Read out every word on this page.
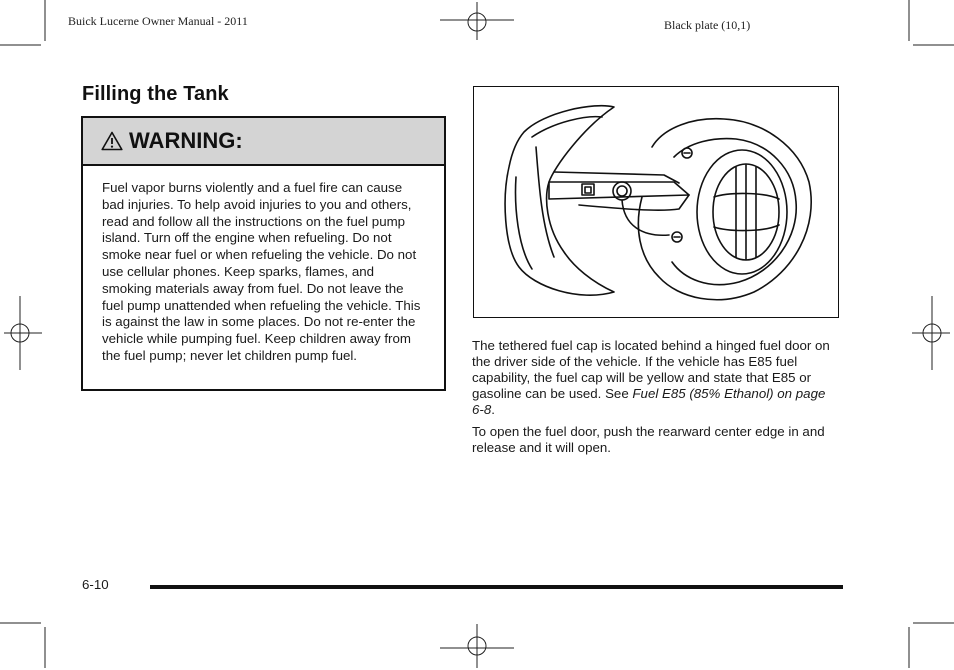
Buick Lucerne Owner Manual - 2011	Black plate (10,1)
Filling the Tank
WARNING:
Fuel vapor burns violently and a fuel fire can cause bad injuries. To help avoid injuries to you and others, read and follow all the instructions on the fuel pump island. Turn off the engine when refueling. Do not smoke near fuel or when refueling the vehicle. Do not use cellular phones. Keep sparks, flames, and smoking materials away from fuel. Do not leave the fuel pump unattended when refueling the vehicle. This is against the law in some places. Do not re-enter the vehicle while pumping fuel. Keep children away from the fuel pump; never let children pump fuel.
The tethered fuel cap is located behind a hinged fuel door on the driver side of the vehicle. If the vehicle has E85 fuel capability, the fuel cap will be yellow and state that E85 or gasoline can be used. See Fuel E85 (85% Ethanol) on page 6-8.
To open the fuel door, push the rearward center edge in and release and it will open.
6-10
